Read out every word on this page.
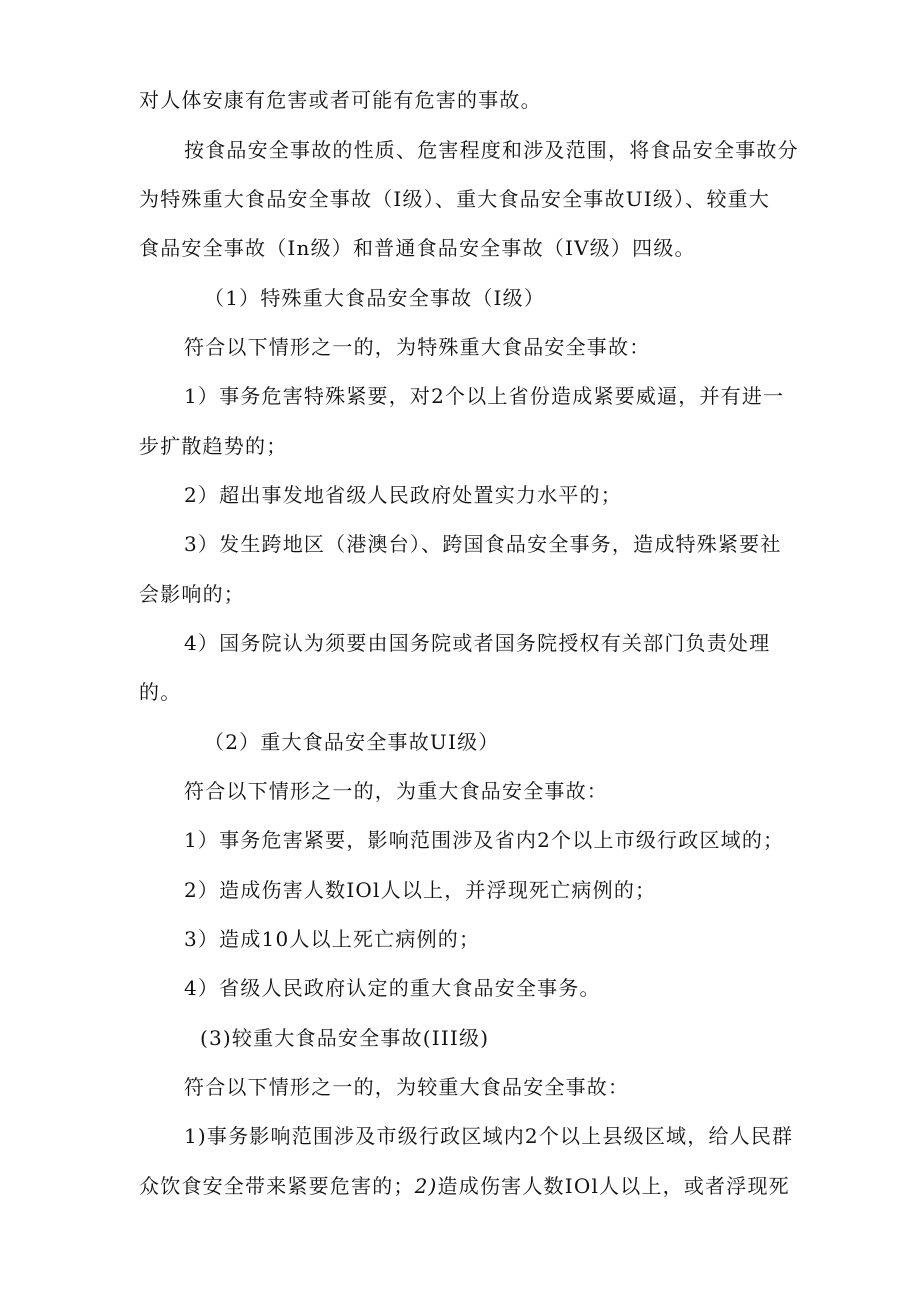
对人体安康有危害或者可能有危害的事故。
按食品安全事故的性质、危害程度和涉及范围，将食品安全事故分
为特殊重大食品安全事故（I级）、重大食品安全事故UI级）、较重大
食品安全事故（In级）和普通食品安全事故（IV级）四级。
（1）特殊重大食品安全事故（I级）
符合以下情形之一的，为特殊重大食品安全事故：
1）事务危害特殊紧要，对2个以上省份造成紧要威逼，并有进一
步扩散趋势的；
2）超出事发地省级人民政府处置实力水平的；
3）发生跨地区（港澳台）、跨国食品安全事务，造成特殊紧要社
会影响的；
4）国务院认为须要由国务院或者国务院授权有关部门负责处理
的。
（2）重大食品安全事故UI级）
符合以下情形之一的，为重大食品安全事故：
1）事务危害紧要，影响范围涉及省内2个以上市级行政区域的；
2）造成伤害人数IOl人以上，并浮现死亡病例的；
3）造成10人以上死亡病例的；
4）省级人民政府认定的重大食品安全事务。
(3)较重大食品安全事故(III级)
符合以下情形之一的，为较重大食品安全事故：
1)事务影响范围涉及市级行政区域内2个以上县级区域，给人民群
众饮食安全带来紧要危害的；2)造成伤害人数IOl人以上，或者浮现死
